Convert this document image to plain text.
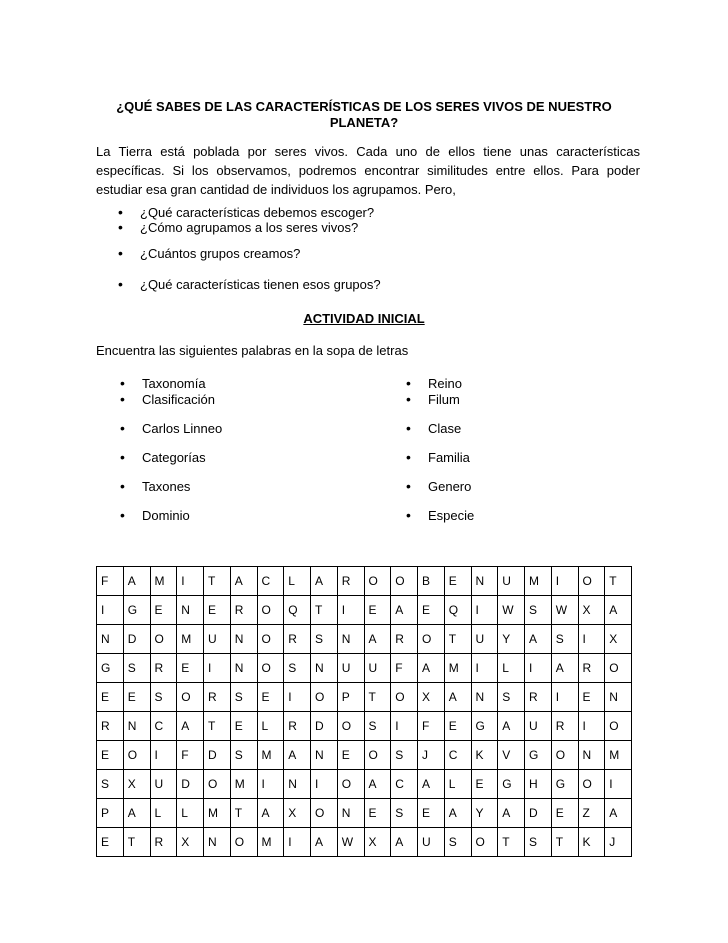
¿QUÉ SABES DE LAS CARACTERÍSTICAS DE LOS SERES VIVOS DE NUESTRO PLANETA?
La Tierra está poblada por seres vivos. Cada uno de ellos tiene unas características específicas. Si los observamos, podremos encontrar similitudes entre ellos. Para poder estudiar esa gran cantidad de individuos los agrupamos. Pero,
• ¿Qué características debemos escoger?
• ¿Cómo agrupamos a los seres vivos?
• ¿Cuántos grupos creamos?
• ¿Qué características tienen esos grupos?
ACTIVIDAD INICIAL
Encuentra las siguientes palabras en la sopa de letras
• Taxonomía
• Clasificación
• Carlos Linneo
• Categorías
• Taxones
• Dominio
• Reino
• Filum
• Clase
• Familia
• Genero
• Especie
F	A	M	I	T	A	C	L	A	R	O	O	B	E	N	U	M	I	O	T
I	G	E	N	E	R	O	Q	T	I	E	A	E	Q	I	W	S	W	X	A
N	D	O	M	U	N	O	R	S	N	A	R	O	T	U	Y	A	S	I	X
G	S	R	E	I	N	O	S	N	U	U	F	A	M	I	L	I	A	R	O
E	E	S	O	R	S	E	I	O	P	T	O	X	A	N	S	R	I	E	N
R	N	C	A	T	E	L	R	D	O	S	I	F	E	G	A	U	R	I	O
E	O	I	F	D	S	M	A	N	E	O	S	J	C	K	V	G	O	N	M
S	X	U	D	O	M	I	N	I	O	A	C	A	L	E	G	H	G	O	I
P	A	L	L	M	T	A	X	O	N	E	S	E	A	Y	A	D	E	Z	A
E	T	R	X	N	O	M	I	A	W	X	A	U	S	O	T	S	T	K	J
